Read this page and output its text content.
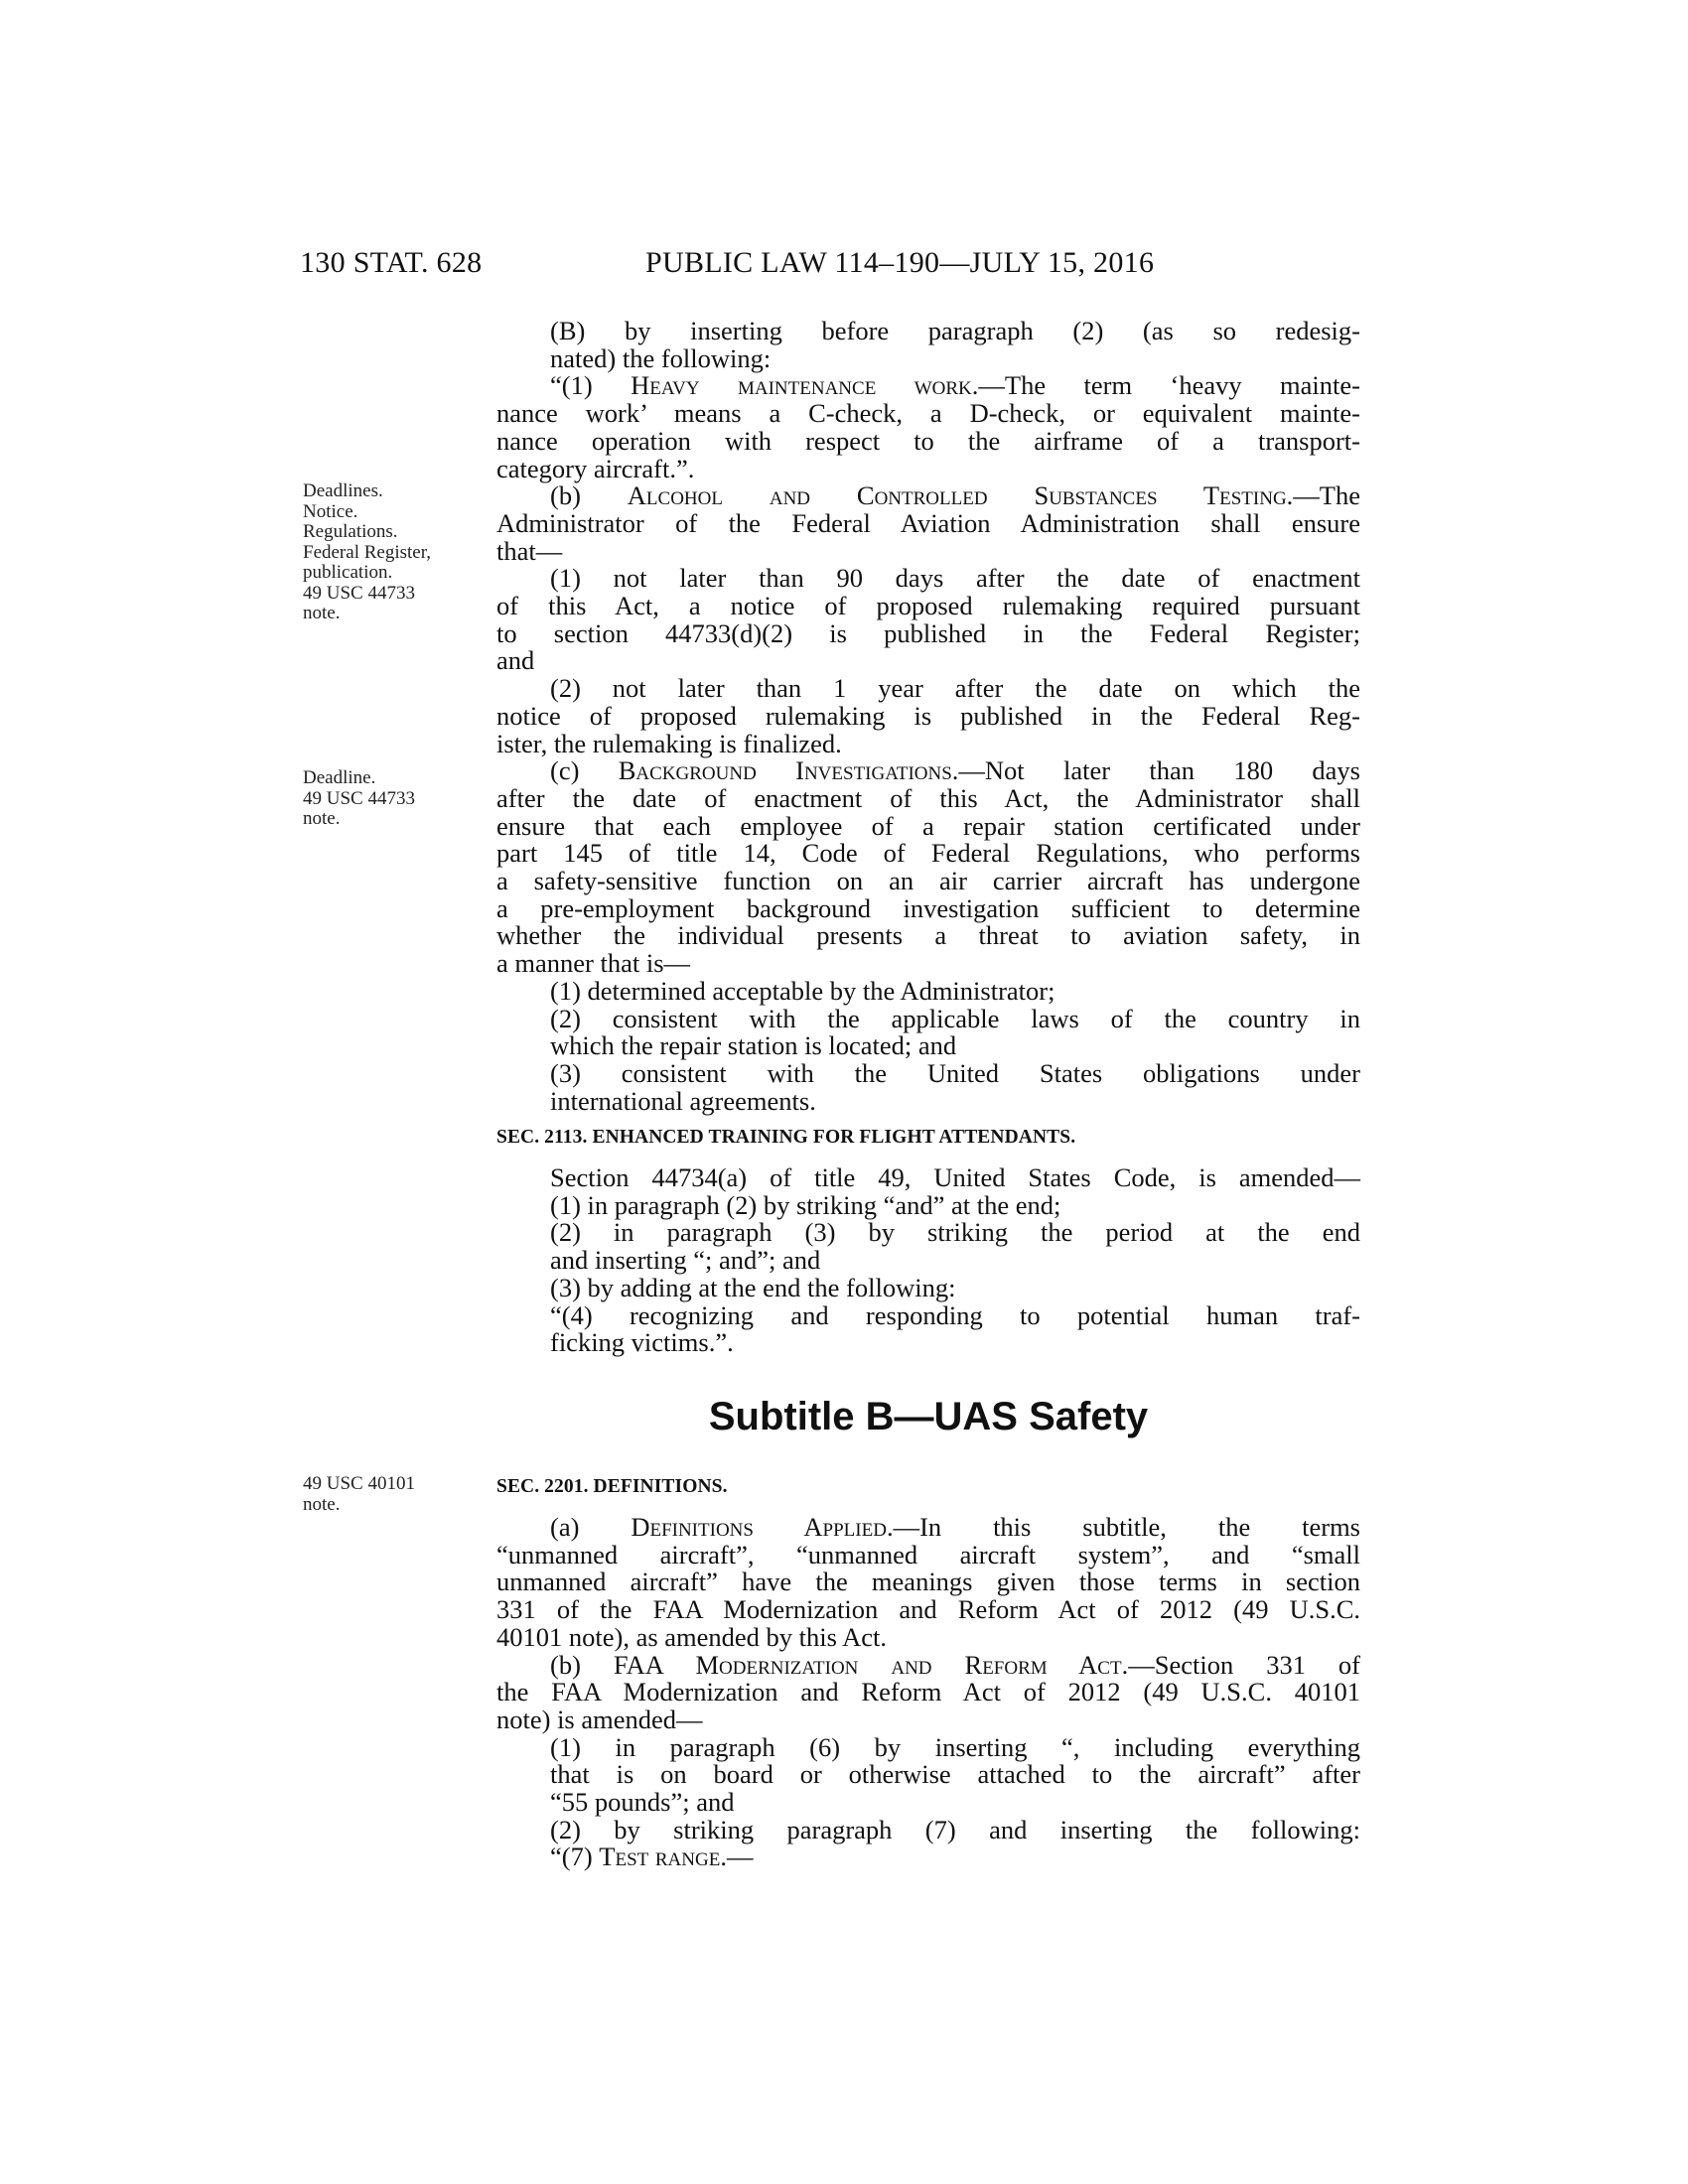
130 STAT. 628	PUBLIC LAW 114–190—JULY 15, 2016
Deadlines.
Notice.
Regulations.
Federal Register,
publication.
49 USC 44733
note.
Deadline.
49 USC 44733
note.
49 USC 40101
note.

(B) by inserting before paragraph (2) (as so redesig-

nated) the following:

“(1) Heavy maintenance work.—The term ‘heavy mainte-

nance work’ means a C-check, a D-check, or equivalent mainte-

nance operation with respect to the airframe of a transport-

category aircraft.”.

(b) Alcohol and Controlled Substances Testing.—The

Administrator of the Federal Aviation Administration shall ensure

that—

(1) not later than 90 days after the date of enactment

of this Act, a notice of proposed rulemaking required pursuant

to section 44733(d)(2) is published in the Federal Register;

and

(2) not later than 1 year after the date on which the

notice of proposed rulemaking is published in the Federal Reg-

ister, the rulemaking is finalized.

(c) Background Investigations.—Not later than 180 days

after the date of enactment of this Act, the Administrator shall

ensure that each employee of a repair station certificated under

part 145 of title 14, Code of Federal Regulations, who performs

a safety-sensitive function on an air carrier aircraft has undergone

a pre-employment background investigation sufficient to determine

whether the individual presents a threat to aviation safety, in

a manner that is—

(1) determined acceptable by the Administrator;

(2) consistent with the applicable laws of the country in

which the repair station is located; and

(3) consistent with the United States obligations under

international agreements.

SEC. 2113. ENHANCED TRAINING FOR FLIGHT ATTENDANTS.

Section 44734(a) of title 49, United States Code, is amended—

(1) in paragraph (2) by striking “and” at the end;

(2) in paragraph (3) by striking the period at the end

and inserting “; and”; and

(3) by adding at the end the following:

“(4) recognizing and responding to potential human traf-

ficking victims.”.

Subtitle B—UAS Safety

SEC. 2201. DEFINITIONS.

(a) Definitions Applied.—In this subtitle, the terms

“unmanned aircraft”, “unmanned aircraft system”, and “small

unmanned aircraft” have the meanings given those terms in section

331 of the FAA Modernization and Reform Act of 2012 (49 U.S.C.

40101 note), as amended by this Act.

(b) FAA Modernization and Reform Act.—Section 331 of

the FAA Modernization and Reform Act of 2012 (49 U.S.C. 40101

note) is amended—

(1) in paragraph (6) by inserting “, including everything

that is on board or otherwise attached to the aircraft” after

“55 pounds”; and

(2) by striking paragraph (7) and inserting the following:

“(7) Test range.—
